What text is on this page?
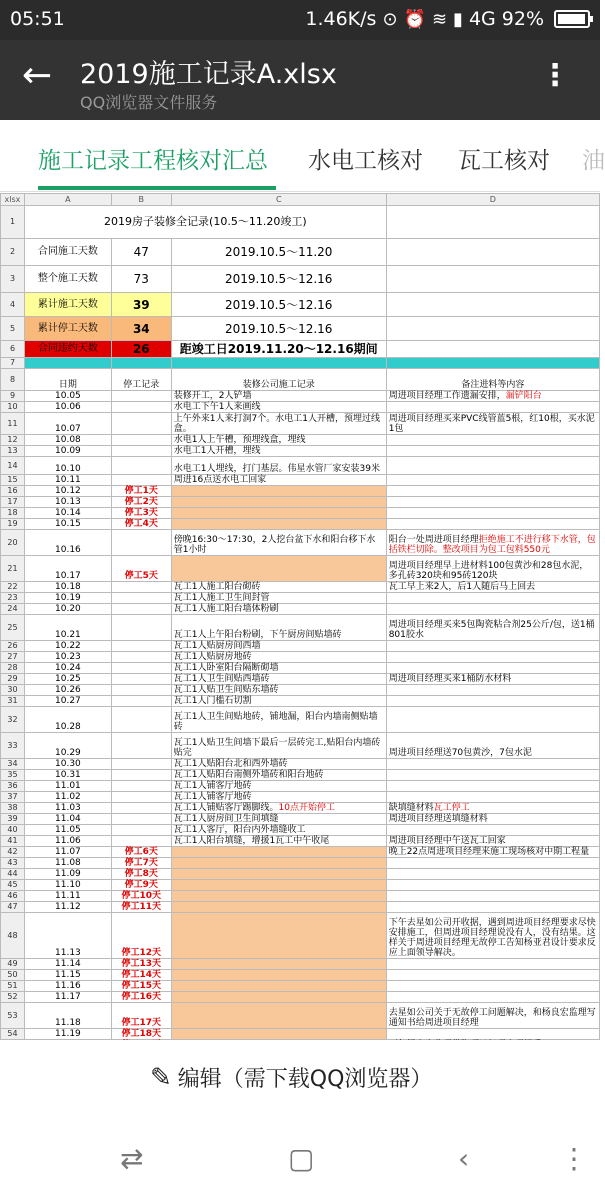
05:51	1.46K/s ⊙ ⏰ ≋ ▮ 4G 92%
← 2019施工记录A.xlsx
QQ浏览器文件服务
⋮
施工记录工程核对汇总 水电工核对 瓦工核对 油
xlsx	A	B	C	D
1	2019房子装修全记录(10.5～11.20竣工)			
2	合同施工天数	47	2019.10.5～11.20	
3	整个施工天数	73	2019.10.5～12.16	
4	累计施工天数	39	2019.10.5～12.16	
5	累计停工天数	34	2019.10.5～12.16	
6	合同违约天数	26	距竣工日2019.11.20～12.16期间	
7				
8	日期	停工记录	装修公司施工记录	备注进料等内容
9	10.05		装修开工，2人铲墙	周进项目经理工作遗漏安排，漏铲阳台
10	10.06		水电工下午1人来画线	
11	10.07		上午外来1人来打洞7个。水电工1人开槽，预埋过线盒。	周进项目经理买来PVC线管蓝5根，红10根，买水泥1包
12	10.08		水电1人上午槽，预埋线盒，埋线	
13	10.09		水电工1人开槽，埋线	
14	10.10		水电工1人埋线，打门基层。伟星水管厂家安装39米	
15	10.11		周进16点送水电工回家	
16	10.12	停工1天		
17	10.13	停工2天		
18	10.14	停工3天		
19	10.15	停工4天		
20	10.16		傍晚16:30～17:30，2人挖台盆下水和阳台移下水管1小时	阳台一处周进项目经理拒绝施工不进行移下水管，包括铁栏切除。整改项目为包工包料550元
21	10.17	停工5天		周进项目经理早上进材料100包黄沙和28包水泥，多孔砖320块和95砖120块
22	10.18		瓦工1人施工阳台砌砖	瓦工早上来2人，后1人随后马上回去
23	10.19		瓦工1人施工卫生间封管	
24	10.20		瓦工1人施工阳台墙体粉刷	
25	10.21		瓦工1人上午阳台粉刷，下午厨房间贴墙砖	周进项目经理买来5包陶瓷粘合剂25公斤/包，送1桶801胶水
26	10.22		瓦工1人贴厨房间西墙	
27	10.23		瓦工1人贴厨房地砖	
28	10.24		瓦工1人卧室阳台隔断砌墙	
29	10.25		瓦工1人卫生间贴西墙砖	周进项目经理买来1桶防水材料
30	10.26		瓦工1人贴卫生间贴东墙砖	
31	10.27		瓦工1人门槛石切割	
32	10.28		瓦工1人卫生间贴地砖，铺地漏，阳台内墙南侧贴墙砖	
33	10.29		瓦工1人贴卫生间墙下最后一层砖完工,贴阳台内墙砖贴完	周进项目经理送70包黄沙，7包水泥
34	10.30		瓦工1人贴阳台北和西外墙砖	
35	10.31		瓦工1人贴阳台南侧外墙砖和阳台地砖	
36	11.01		瓦工1人铺客厅地砖	
37	11.02		瓦工1人铺客厅地砖	
38	11.03		瓦工1人铺贴客厅踢脚线。10点开始停工	缺填缝材料瓦工停工
39	11.04		瓦工1人厨房间卫生间填缝	周进项目经理送填缝材料
40	11.05		瓦工1人客厅，阳台内外墙缝收工	
41	11.06		瓦工1人阳台填缝，增援1瓦工中午收尾	周进项目经理中午送瓦工回家
42	11.07	停工6天		晚上22点周进项目经理来施工现场核对中期工程量
43	11.08	停工7天		
44	11.09	停工8天		
45	11.10	停工9天		
46	11.11	停工10天		
47	11.12	停工11天		
48	11.13	停工12天		下午去星如公司开收据，遇到周进项目经理要求尽快安排施工，但周进项目经理说没有人，没有结果。这样关于周进项目经理无故停工告知杨亚君设计要求反应上面领导解决。
49	11.14	停工13天		
50	11.15	停工14天		
51	11.16	停工15天		
52	11.17	停工16天		
53	11.18	停工17天		去星如公司关于无故停工问题解决，和杨良宏监理写通知书给周进项目经理
54	11.19	停工18天		

✎ 编辑（需下载QQ浏览器）
⇄	▢	‹	⋮
